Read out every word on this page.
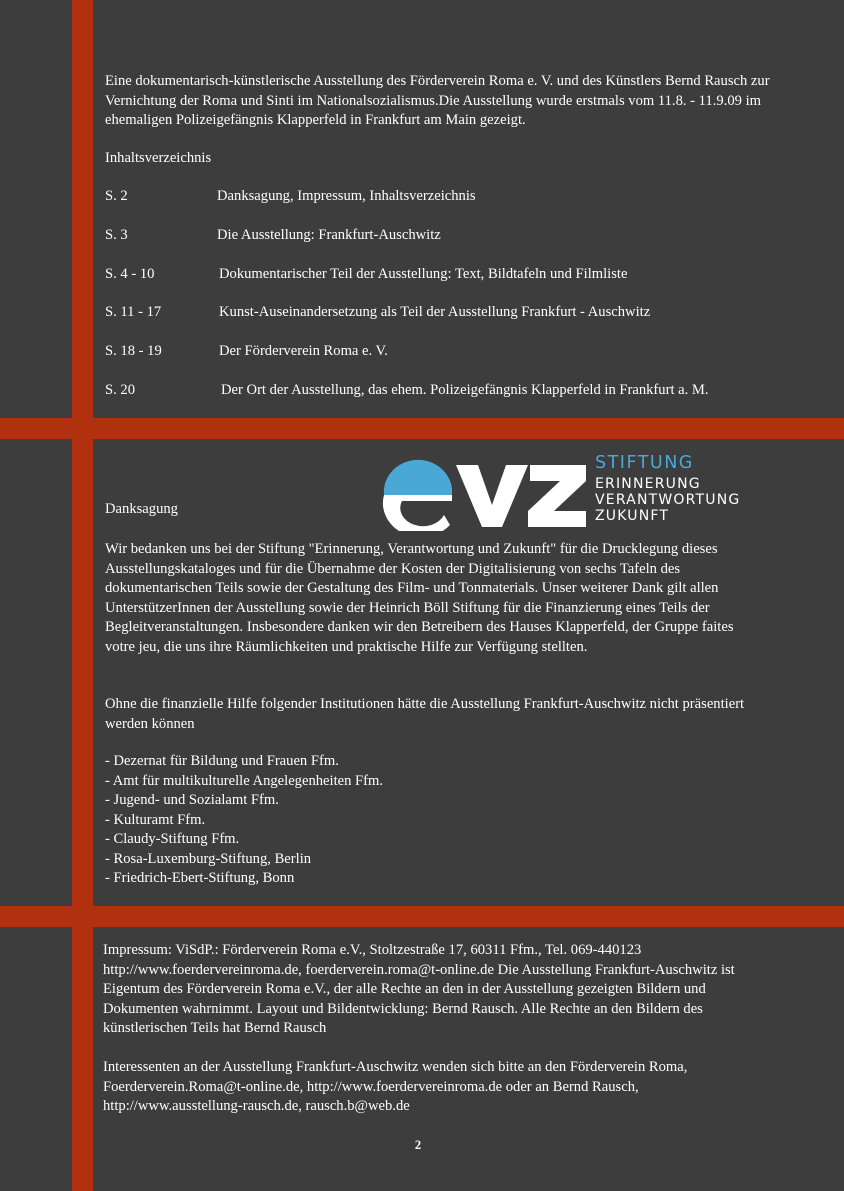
Eine dokumentarisch-künstlerische Ausstellung des Förderverein Roma e. V. und des Künstlers Bernd Rausch zur Vernichtung der Roma und Sinti im Nationalsozialismus.Die Ausstellung wurde erstmals vom 11.8. - 11.9.09 im ehemaligen Polizeigefängnis Klapperfeld in Frankfurt am Main gezeigt.
Inhaltsverzeichnis
S. 2	Danksagung, Impressum, Inhaltsverzeichnis
S. 3	Die Ausstellung: Frankfurt-Auschwitz
S. 4 - 10	Dokumentarischer Teil der Ausstellung: Text, Bildtafeln und Filmliste
S. 11 - 17	Kunst-Auseinandersetzung als Teil der Ausstellung Frankfurt - Auschwitz
S. 18 - 19	Der Förderverein Roma e. V.
S. 20	Der Ort der Ausstellung, das ehem. Polizeigefängnis Klapperfeld in Frankfurt a. M.
STIFTUNG
ERINNERUNG
VERANTWORTUNG
ZUKUNFT
Danksagung
Wir bedanken uns bei der Stiftung "Erinnerung, Verantwortung und Zukunft" für die Drucklegung dieses Ausstellungskataloges und für die Übernahme der Kosten der Digitalisierung von sechs Tafeln des dokumentarischen Teils sowie der Gestaltung des Film- und Tonmaterials. Unser weiterer Dank gilt allen UnterstützerInnen der Ausstellung sowie der Heinrich Böll Stiftung für die Finanzierung eines Teils der Begleitveranstaltungen. Insbesondere danken wir den Betreibern des Hauses Klapperfeld, der Gruppe faites votre jeu, die uns ihre Räumlichkeiten und praktische Hilfe zur Verfügung stellten.
Ohne die finanzielle Hilfe folgender Institutionen hätte die Ausstellung Frankfurt-Auschwitz nicht präsentiert werden können
- Dezernat für Bildung und Frauen Ffm.
- Amt für multikulturelle Angelegenheiten Ffm.
- Jugend- und Sozialamt Ffm.
- Kulturamt Ffm.
- Claudy-Stiftung Ffm.
- Rosa-Luxemburg-Stiftung, Berlin
- Friedrich-Ebert-Stiftung, Bonn
Impressum: ViSdP.: Förderverein Roma e.V., Stoltzestraße 17, 60311 Ffm., Tel. 069-440123 http://www.foerdervereinroma.de, foerderverein.roma@t-online.de Die Ausstellung Frankfurt-Auschwitz ist Eigentum des Förderverein Roma e.V., der alle Rechte an den in der Ausstellung gezeigten Bildern und Dokumenten wahrnimmt. Layout und Bildentwicklung: Bernd Rausch. Alle Rechte an den Bildern des künstlerischen Teils hat Bernd Rausch
Interessenten an der Ausstellung Frankfurt-Auschwitz wenden sich bitte an den Förderverein Roma, Foerderverein.Roma@t-online.de, http://www.foerdervereinroma.de oder an Bernd Rausch, http://www.ausstellung-rausch.de, rausch.b@web.de
2
